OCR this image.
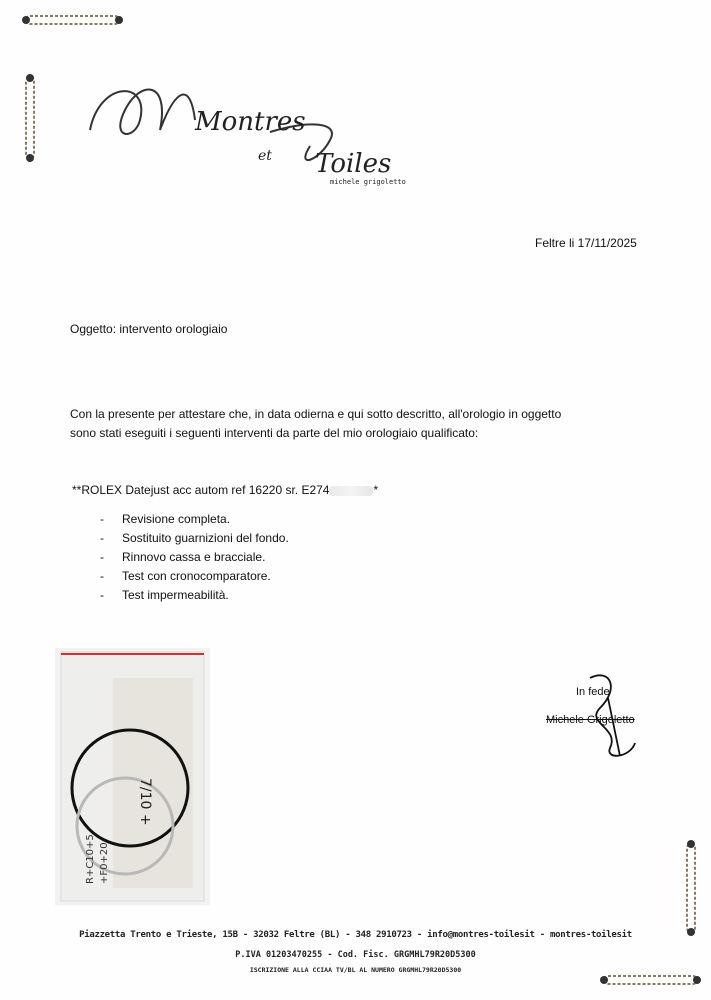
Montres
et Toiles
michele grigoletto
Feltre li 17/11/2025
Oggetto: intervento orologiaio
Con la presente per attestare che, in data odierna e qui sotto descritto, all'orologio in oggetto
sono stati eseguiti i seguenti interventi da parte del mio orologiaio qualificato:
**ROLEX Datejust acc autom ref 16220 sr. E274	*
- Revisione completa.
- Sostituito guarnizioni del fondo.
- Rinnovo cassa e bracciale.
- Test con cronocomparatore.
- Test impermeabilità.
7/10 +
R+C10+5 +F0+20
In fede
Michele Grigoletto
Piazzetta Trento e Trieste, 15B - 32032 Feltre (BL) - 348 2910723 - info@montres-toilesit - montres-toilesit
P.IVA 01203470255 - Cod. Fisc. GRGMHL79R20D5300
ISCRIZIONE ALLA CCIAA TV/BL AL NUMERO GRGMHL79R20D5300
